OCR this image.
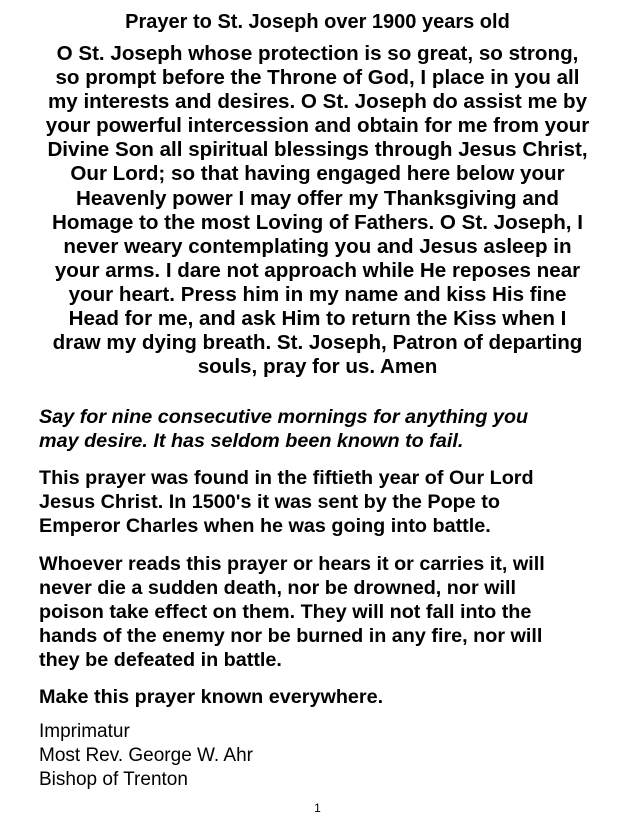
Prayer to St. Joseph over 1900 years old
O St. Joseph whose protection is so great, so strong,
so prompt before the Throne of God, I place in you all
my interests and desires. O St. Joseph do assist me by
your powerful intercession and obtain for me from your
Divine Son all spiritual blessings through Jesus Christ,
Our Lord; so that having engaged here below your
Heavenly power I may offer my Thanksgiving and
Homage to the most Loving of Fathers. O St. Joseph, I
never weary contemplating you and Jesus asleep in
your arms. I dare not approach while He reposes near
your heart. Press him in my name and kiss His fine
Head for me, and ask Him to return the Kiss when I
draw my dying breath. St. Joseph, Patron of departing
souls, pray for us. Amen
Say for nine consecutive mornings for anything you
may desire. It has seldom been known to fail.
This prayer was found in the fiftieth year of Our Lord
Jesus Christ. In 1500's it was sent by the Pope to
Emperor Charles when he was going into battle.
Whoever reads this prayer or hears it or carries it, will
never die a sudden death, nor be drowned, nor will
poison take effect on them. They will not fall into the
hands of the enemy nor be burned in any fire, nor will
they be defeated in battle.
Make this prayer known everywhere.
Imprimatur
Most Rev. George W. Ahr
Bishop of Trenton
1
